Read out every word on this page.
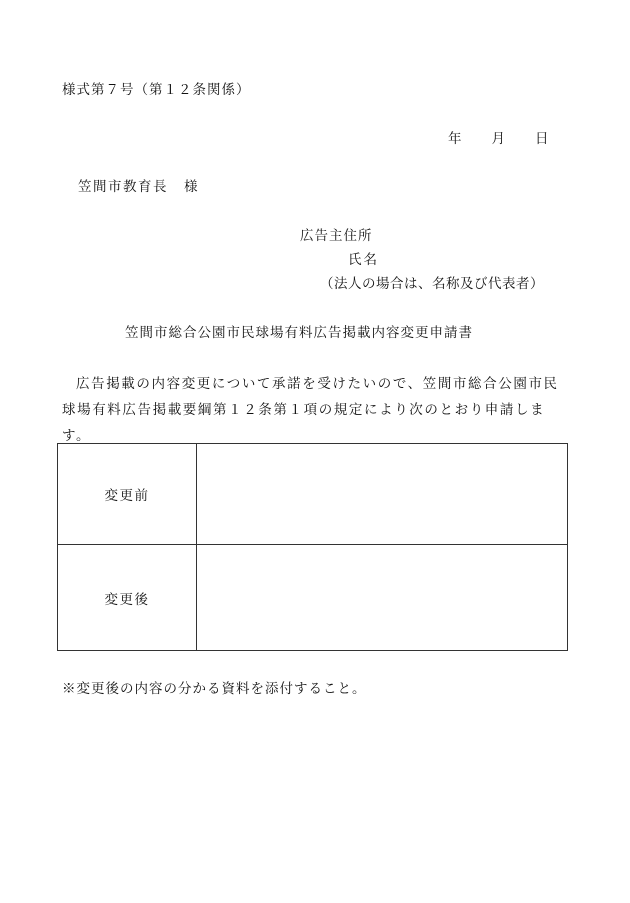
様式第７号（第１２条関係）
年 月 日
笠間市教育長 様
広告主住所
氏名
（法人の場合は、名称及び代表者）
笠間市総合公園市民球場有料広告掲載内容変更申請書
広告掲載の内容変更について承諾を受けたいので、笠間市総合公園市民球場有料広告掲載要綱第１２条第１項の規定により次のとおり申請します。
変更前	
変更後	
※変更後の内容の分かる資料を添付すること。
